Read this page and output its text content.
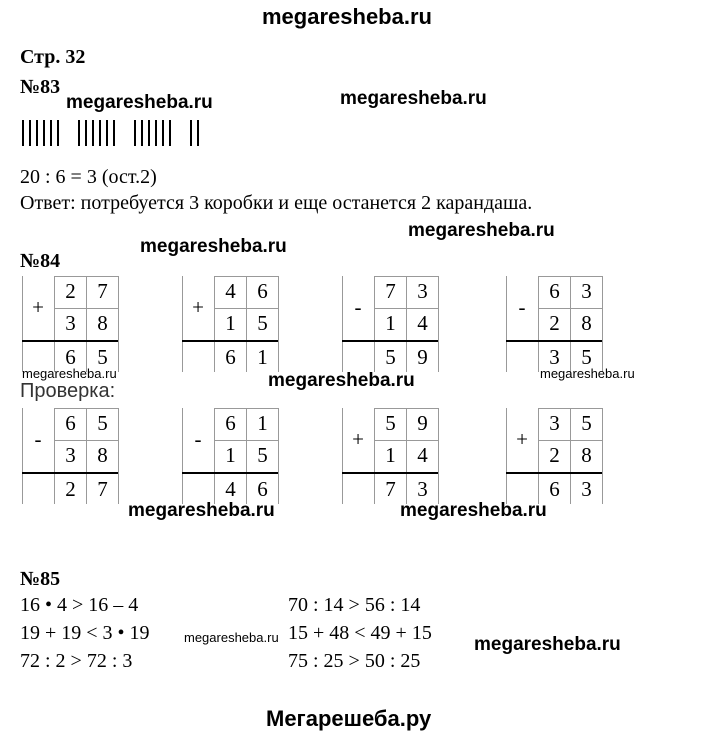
megaresheba.ru
Стр. 32
№83
megaresheba.ru	megaresheba.ru

20 : 6 = 3 (ост.2)
Ответ: потребуется 3 коробки и еще останется 2 карандаша.
megaresheba.ru
megaresheba.ru
№84
+
2	7
3	8
6	5
+
4	6
1	5
6	1
-
7	3
1	4
5	9
-
6	3
2	8
3	5
megaresheba.ru	megaresheba.ru	megaresheba.ru
Проверка:
-
6	5
3	8
2	7
-
6	1
1	5
4	6
+
5	9
1	4
7	3
+
3	5
2	8
6	3
megaresheba.ru	megaresheba.ru
№85
16 • 4 > 16 – 4
19 + 19 < 3 • 19
72 : 2 > 72 : 3
70 : 14 > 56 : 14
15 + 48 < 49 + 15
75 : 25 > 50 : 25
megaresheba.ru	megaresheba.ru
Мегарешеба.ру
